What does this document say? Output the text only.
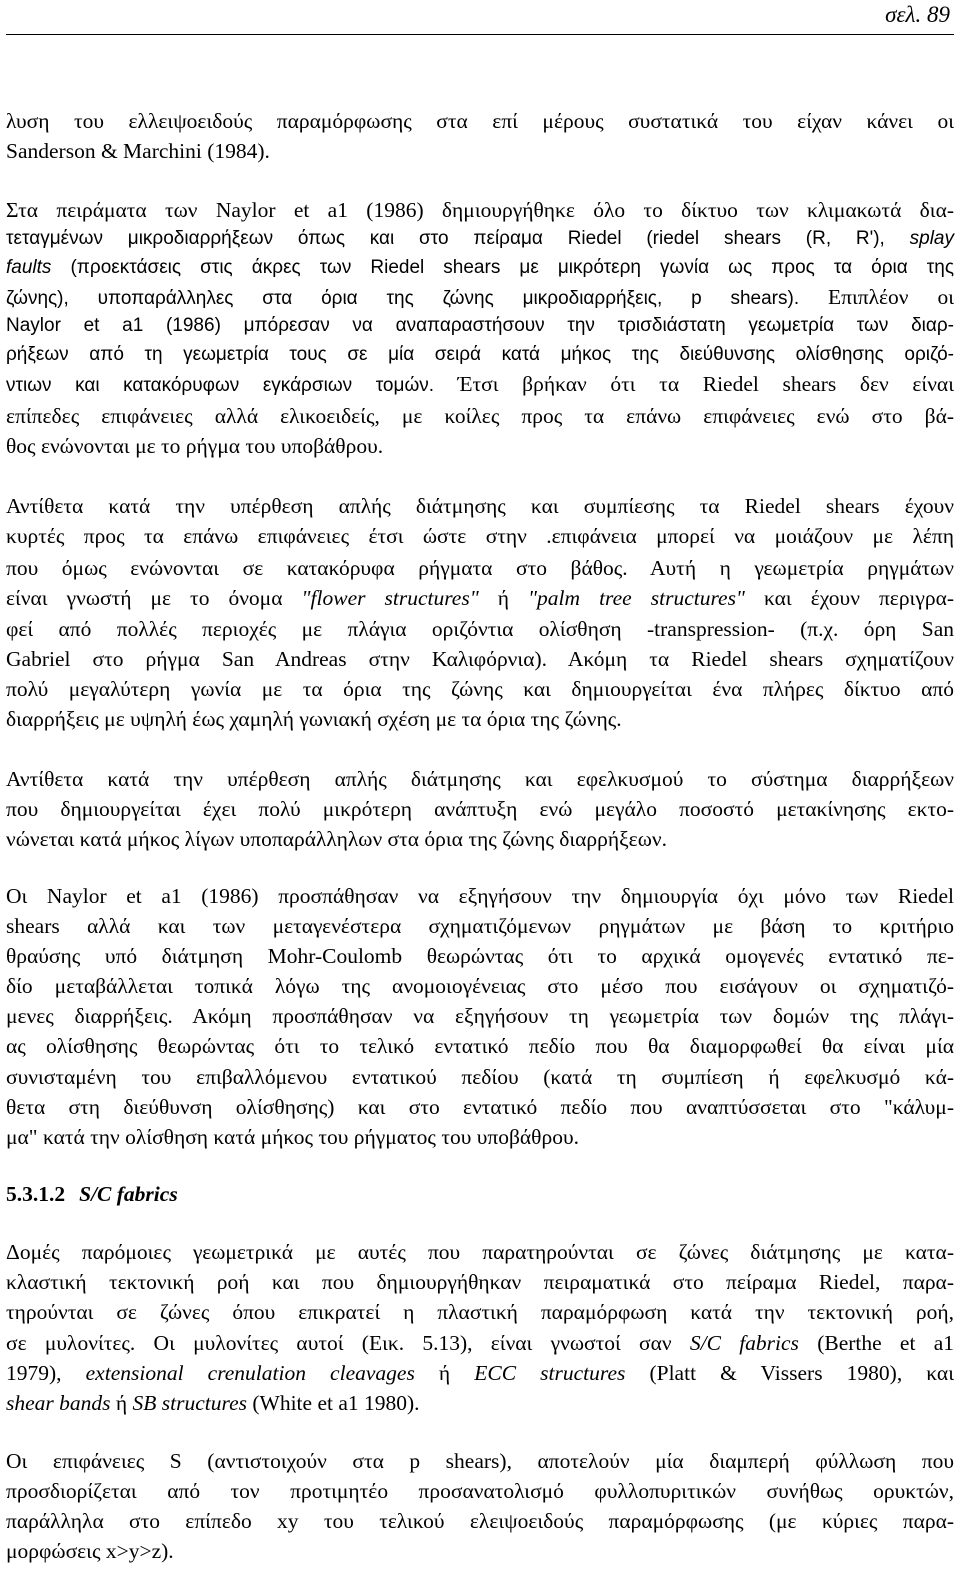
σελ. 89
λυση του ελλειψοειδούς παραμόρφωσης στα επί μέρους συστατικά του είχαν κάνει οι
Sanderson & Marchini (1984).
Στα πειράματα των Naylor et a1 (1986) δημιουργήθηκε όλο το δίκτυο των κλιμακωτά δια-
τεταγμένων μικροδιαρρήξεων όπως και στο πείραμα Riedel (riedel shears (R, R'), splay
faults (προεκτάσεις στις άκρες των Riedel shears με μικρότερη γωνία ως προς τα όρια της
ζώνης), υποπαράλληλες στα όρια της ζώνης μικροδιαρρήξεις, p shears). Επιπλέον οι
Naylor et a1 (1986) μπόρεσαν να αναπαραστήσουν την τρισδιάστατη γεωμετρία των διαρ-
ρήξεων από τη γεωμετρία τους σε μία σειρά κατά μήκος της διεύθυνσης ολίσθησης οριζό-
ντιων και κατακόρυφων εγκάρσιων τομών. Έτσι βρήκαν ότι τα Riedel shears δεν είναι
επίπεδες επιφάνειες αλλά ελικοειδείς, με κοίλες προς τα επάνω επιφάνειες ενώ στο βά-
θος ενώνονται με το ρήγμα του υποβάθρου.
Αντίθετα κατά την υπέρθεση απλής διάτμησης και συμπίεσης τα Riedel shears έχουν
κυρτές προς τα επάνω επιφάνειες έτσι ώστε στην .επιφάνεια μπορεί να μοιάζουν με λέπη
που όμως ενώνονται σε κατακόρυφα ρήγματα στο βάθος. Αυτή η γεωμετρία ρηγμάτων
είναι γνωστή με το όνομα "flower structures" ή "palm tree structures" και έχουν περιγρα-
φεί από πολλές περιοχές με πλάγια οριζόντια ολίσθηση -transpression- (π.χ. όρη San
Gabriel στο ρήγμα San Andreas στην Καλιφόρνια). Ακόμη τα Riedel shears σχηματίζουν
πολύ μεγαλύτερη γωνία με τα όρια της ζώνης και δημιουργείται ένα πλήρες δίκτυο από
διαρρήξεις με υψηλή έως χαμηλή γωνιακή σχέση με τα όρια της ζώνης.
Αντίθετα κατά την υπέρθεση απλής διάτμησης και εφελκυσμού το σύστημα διαρρήξεων
που δημιουργείται έχει πολύ μικρότερη ανάπτυξη ενώ μεγάλο ποσοστό μετακίνησης εκτο-
νώνεται κατά μήκος λίγων υποπαράλληλων στα όρια της ζώνης διαρρήξεων.
Οι Naylor et a1 (1986) προσπάθησαν να εξηγήσουν την δημιουργία όχι μόνο των Riedel
shears αλλά και των μεταγενέστερα σχηματιζόμενων ρηγμάτων με βάση το κριτήριο
θραύσης υπό διάτμηση Mohr-Coulomb θεωρώντας ότι το αρχικά ομογενές εντατικό πε-
δίο μεταβάλλεται τοπικά λόγω της ανομοιογένειας στο μέσο που εισάγουν οι σχηματιζό-
μενες διαρρήξεις. Ακόμη προσπάθησαν να εξηγήσουν τη γεωμετρία των δομών της πλάγι-
ας ολίσθησης θεωρώντας ότι το τελικό εντατικό πεδίο που θα διαμορφωθεί θα είναι μία
συνισταμένη του επιβαλλόμενου εντατικού πεδίου (κατά τη συμπίεση ή εφελκυσμό κά-
θετα στη διεύθυνση ολίσθησης) και στο εντατικό πεδίο που αναπτύσσεται στο "κάλυμ-
μα" κατά την ολίσθηση κατά μήκος του ρήγματος του υποβάθρου.
5.3.1.2 S/C fabrics
Δομές παρόμοιες γεωμετρικά με αυτές που παρατηρούνται σε ζώνες διάτμησης με κατα-
κλαστική τεκτονική ροή και που δημιουργήθηκαν πειραματικά στο πείραμα Riedel, παρα-
τηρούνται σε ζώνες όπου επικρατεί η πλαστική παραμόρφωση κατά την τεκτονική ροή,
σε μυλονίτες. Οι μυλονίτες αυτοί (Εικ. 5.13), είναι γνωστοί σαν S/C fabrics (Berthe et a1
1979), extensional crenulation cleavages ή ECC structures (Platt & Vissers 1980), και
shear bands ή SB structures (White et a1 1980).
Οι επιφάνειες S (αντιστοιχούν στα p shears), αποτελούν μία διαμπερή φύλλωση που
προσδιορίζεται από τον προτιμητέο προσανατολισμό φυλλοπυριτικών συνήθως ορυκτών,
παράλληλα στο επίπεδο xy του τελικού ελειψοειδούς παραμόρφωσης (με κύριες παρα-
μορφώσεις x>y>z).
